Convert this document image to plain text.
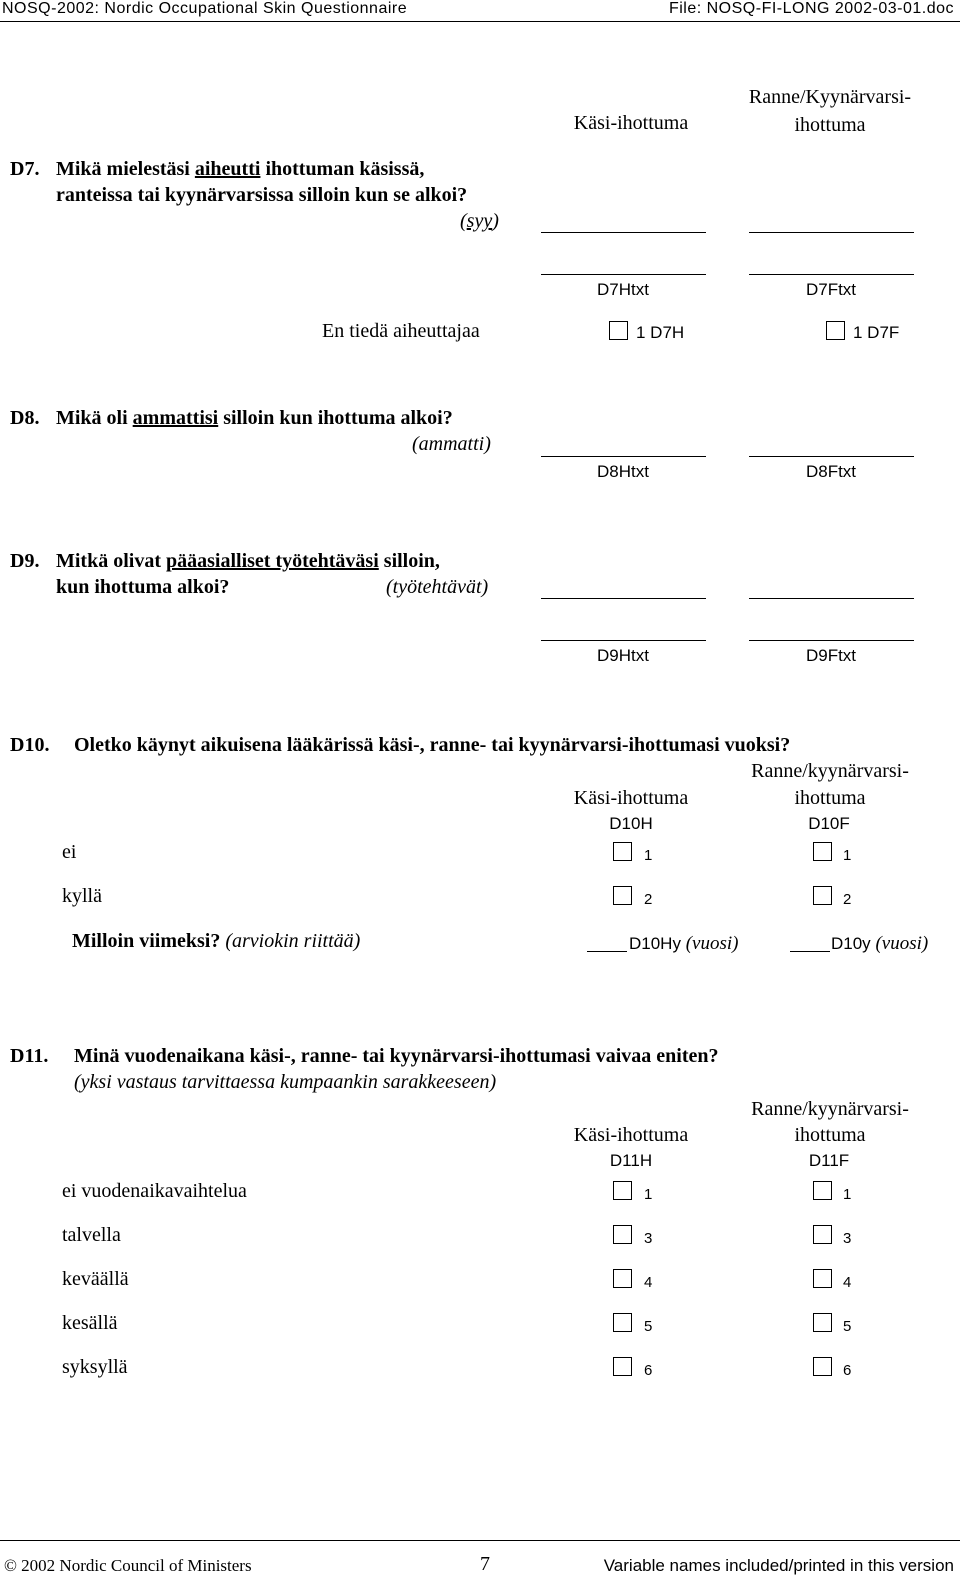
NOSQ-2002: Nordic Occupational Skin Questionnaire	File: NOSQ-FI-LONG 2002-03-01.doc
Käsi-ihottuma
Ranne/Kyynärvarsi-
ihottuma
D7. Mikä mielestäsi aiheutti ihottuman käsissä,
ranteissa tai kyynärvarsissa silloin kun se alkoi?
(syy)
D7Htxt	D7Ftxt
En tiedä aiheuttajaa	1 D7H	1 D7F
D8. Mikä oli ammattisi silloin kun ihottuma alkoi?
(ammatti)
D8Htxt	D8Ftxt
D9. Mitkä olivat pääasialliset työtehtäväsi silloin,
kun ihottuma alkoi?	(työtehtävät)
D9Htxt	D9Ftxt
D10. Oletko käynyt aikuisena lääkärissä käsi-, ranne- tai kyynärvarsi-ihottumasi vuoksi?
Ranne/kyynärvarsi-
Käsi-ihottuma	ihottuma
D10H	D10F
ei	1	1
kyllä	2	2
Milloin viimeksi? (arviokin riittää)	D10Hy (vuosi)	D10y (vuosi)
D11. Minä vuodenaikana käsi-, ranne- tai kyynärvarsi-ihottumasi vaivaa eniten?
(yksi vastaus tarvittaessa kumpaankin sarakkeeseen)
Ranne/kyynärvarsi-
Käsi-ihottuma	ihottuma
D11H	D11F
ei vuodenaikavaihtelua	1	1
talvella	3	3
keväällä	4	4
kesällä	5	5
syksyllä	6	6
© 2002 Nordic Council of Ministers	7	Variable names included/printed in this version
